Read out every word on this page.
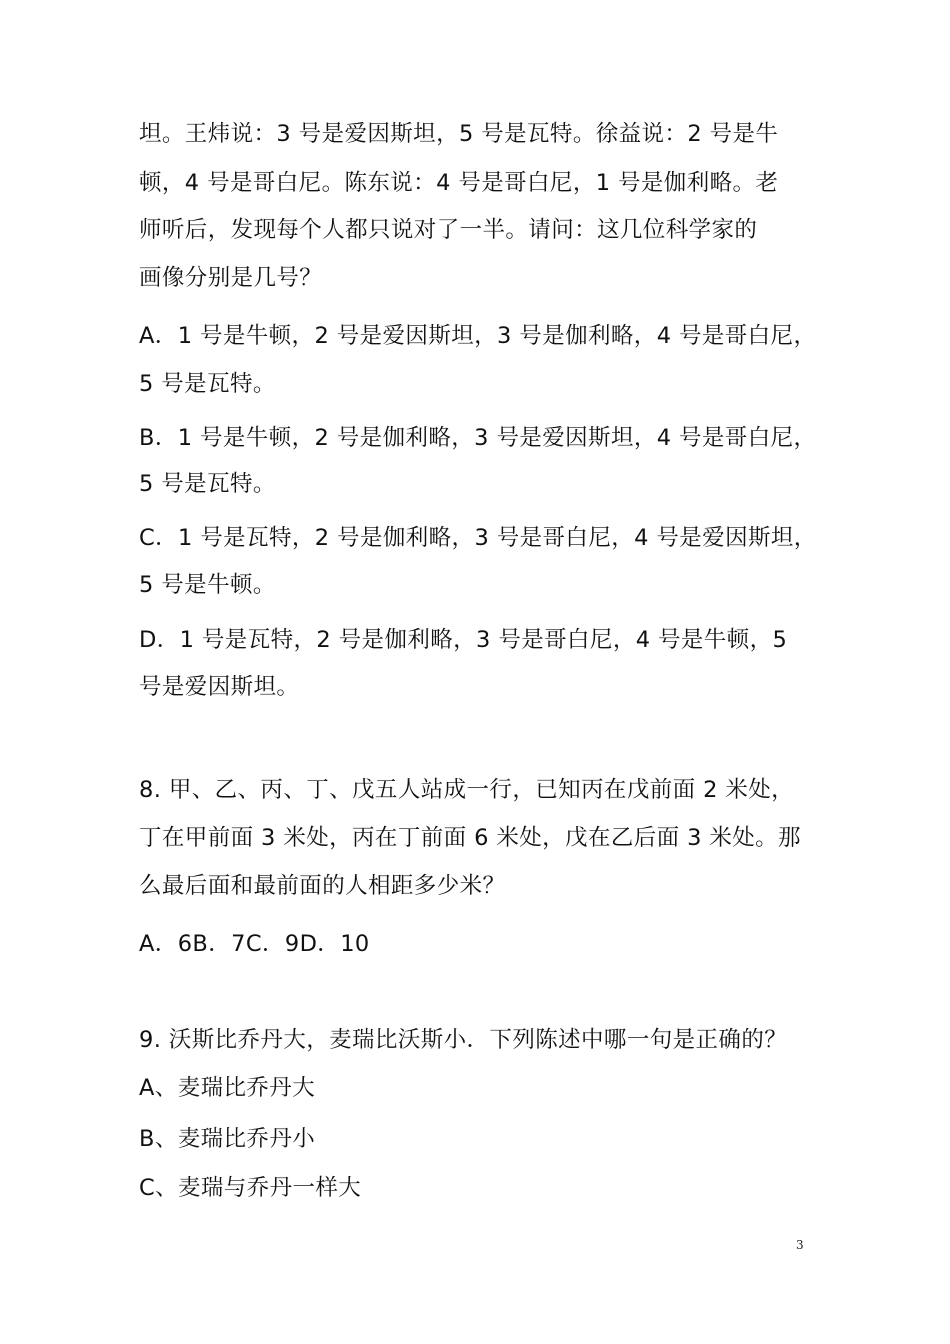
坦。王炜说：3 号是爱因斯坦，5 号是瓦特。徐益说：2 号是牛
顿，4 号是哥白尼。陈东说：4 号是哥白尼，1 号是伽利略。老
师听后，发现每个人都只说对了一半。请问：这几位科学家的
画像分别是几号？
A．1 号是牛顿，2 号是爱因斯坦，3 号是伽利略，4 号是哥白尼，
5 号是瓦特。
B．1 号是牛顿，2 号是伽利略，3 号是爱因斯坦，4 号是哥白尼，
5 号是瓦特。
C．1 号是瓦特，2 号是伽利略，3 号是哥白尼，4 号是爱因斯坦，
5 号是牛顿。
D．1 号是瓦特，2 号是伽利略，3 号是哥白尼，4 号是牛顿，5
号是爱因斯坦。
8. 甲、乙、丙、丁、戊五人站成一行，已知丙在戊前面 2 米处，
丁在甲前面 3 米处，丙在丁前面 6 米处，戊在乙后面 3 米处。那
么最后面和最前面的人相距多少米？
A．6B．7C．9D．10
9. 沃斯比乔丹大，麦瑞比沃斯小．下列陈述中哪一句是正确的？
A、麦瑞比乔丹大
B、麦瑞比乔丹小
C、麦瑞与乔丹一样大
3
